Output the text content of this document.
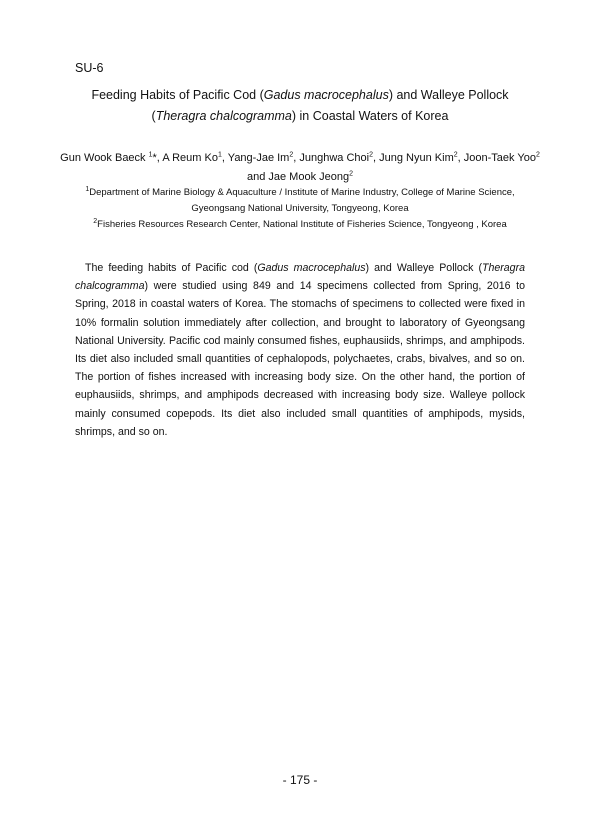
SU-6
Feeding Habits of Pacific Cod (Gadus macrocephalus) and Walleye Pollock
(Theragra chalcogramma) in Coastal Waters of Korea
Gun Wook Baeck $^1$*, A Reum Ko$^1$, Yang-Jae Im$^2$, Junghwa Choi$^2$, Jung Nyun Kim$^2$, Joon-Taek Yoo$^2$
and Jae Mook Jeong$^2$
$^1$Department of Marine Biology & Aquaculture / Institute of Marine Industry, College of Marine Science,
Gyeongsang National University, Tongyeong, Korea
$^2$Fisheries Resources Research Center, National Institute of Fisheries Science, Tongyeong , Korea
The feeding habits of Pacific cod (Gadus macrocephalus) and Walleye Pollock (Theragra chalcogramma) were studied using 849 and 14 specimens collected from Spring, 2016 to Spring, 2018 in coastal waters of Korea. The stomachs of specimens to collected were fixed in 10% formalin solution immediately after collection, and brought to laboratory of Gyeongsang National University. Pacific cod mainly consumed fishes, euphausiids, shrimps, and amphipods. Its diet also included small quantities of cephalopods, polychaetes, crabs, bivalves, and so on. The portion of fishes increased with increasing body size. On the other hand, the portion of euphausiids, shrimps, and amphipods decreased with increasing body size. Walleye pollock mainly consumed copepods. Its diet also included small quantities of amphipods, mysids, shrimps, and so on.
- 175 -
